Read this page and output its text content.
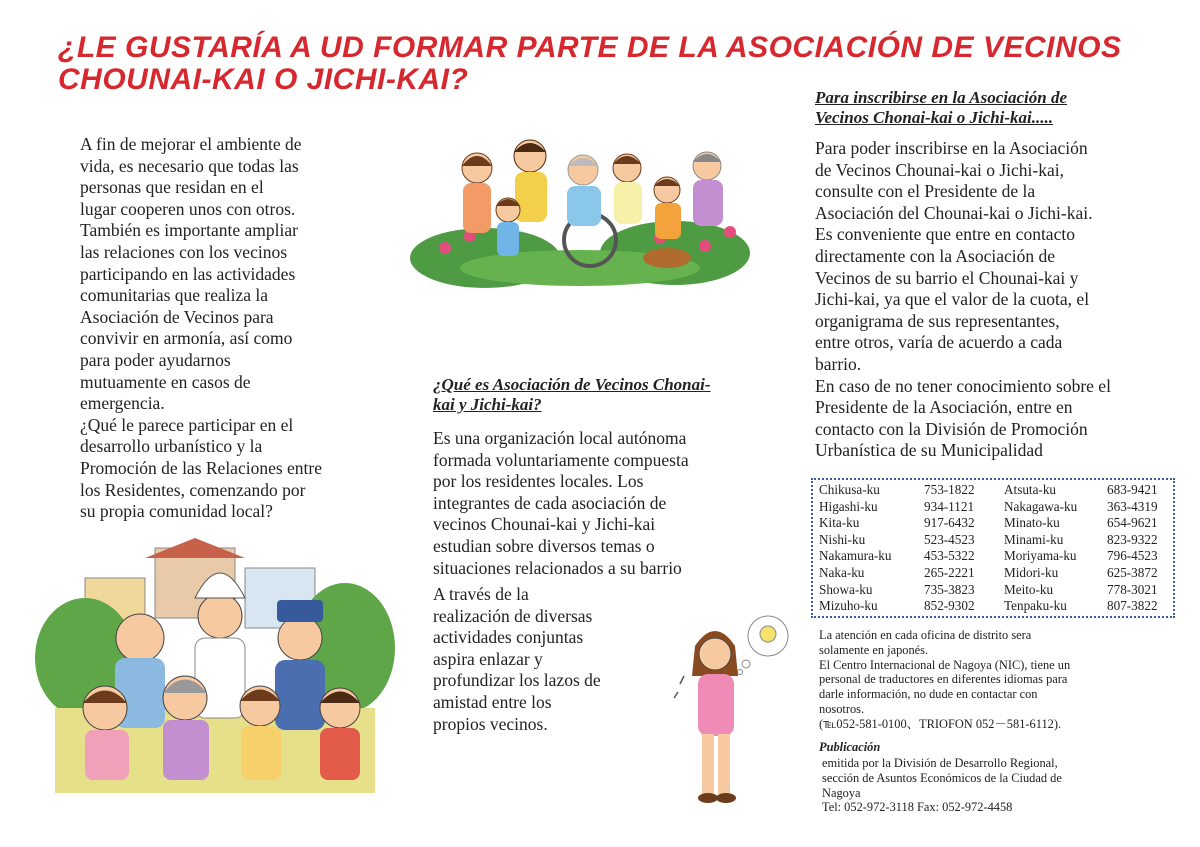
¿LE GUSTARÍA A UD FORMAR PARTE DE LA ASOCIACIÓN DE VECINOS
CHOUNAI-KAI O JICHI-KAI?
A fin de mejorar el ambiente de
vida, es necesario que todas las
personas que residan en el
lugar cooperen unos con otros.
También es importante ampliar
las relaciones con los vecinos
participando en las actividades
comunitarias que realiza la
Asociación de Vecinos para
convivir en armonía, así como
para poder ayudarnos
mutuamente en casos de
emergencia.
¿Qué le parece participar en el
desarrollo urbanístico y la
Promoción de las Relaciones entre
los Residentes, comenzando por
su propia comunidad local?
¿Qué es Asociación de Vecinos Chonai-
kai y Jichi-kai?
Es una organización local autónoma
formada voluntariamente compuesta
por los residentes locales. Los
integrantes de cada asociación de
vecinos Chounai-kai y Jichi-kai
estudian sobre diversos temas o
situaciones relacionados a su barrio
A través de la
realización de diversas
actividades conjuntas
aspira enlazar y
profundizar los lazos de
amistad entre los
propios vecinos.
Para inscribirse en la Asociación de
Vecinos Chonai-kai o Jichi-kai.....
Para poder inscribirse en la Asociación
de Vecinos Chounai-kai o Jichi-kai,
consulte con el Presidente de la
Asociación del Chounai-kai o Jichi-kai.
Es conveniente que entre en contacto
directamente con la Asociación de
Vecinos de su barrio el Chounai-kai y
Jichi-kai, ya que el valor de la cuota, el
organigrama de sus representantes,
entre otros, varía de acuerdo a cada
barrio.
En caso de no tener conocimiento sobre el
Presidente de la Asociación, entre en
contacto con la División de Promoción
Urbanística de su Municipalidad
Chikusa-ku	753-1822	Atsuta-ku	683-9421
Higashi-ku	934-1121	Nakagawa-ku	363-4319
Kita-ku	917-6432	Minato-ku	654-9621
Nishi-ku	523-4523	Minami-ku	823-9322
Nakamura-ku	453-5322	Moriyama-ku	796-4523
Naka-ku	265-2221	Midori-ku	625-3872
Showa-ku	735-3823	Meito-ku	778-3021
Mizuho-ku	852-9302	Tenpaku-ku	807-3822
La atención en cada oficina de distrito sera
solamente en japonés.
El Centro Internacional de Nagoya (NIC), tiene un
personal de traductores en diferentes idiomas para
darle información, no dude en contactar con
nosotros.
(℡052-581-0100、TRIOFON 052－581-6112).
Publicación
emitida por la División de Desarrollo Regional,
sección de Asuntos Económicos de la Ciudad de
Nagoya
Tel: 052-972-3118 Fax: 052-972-4458
